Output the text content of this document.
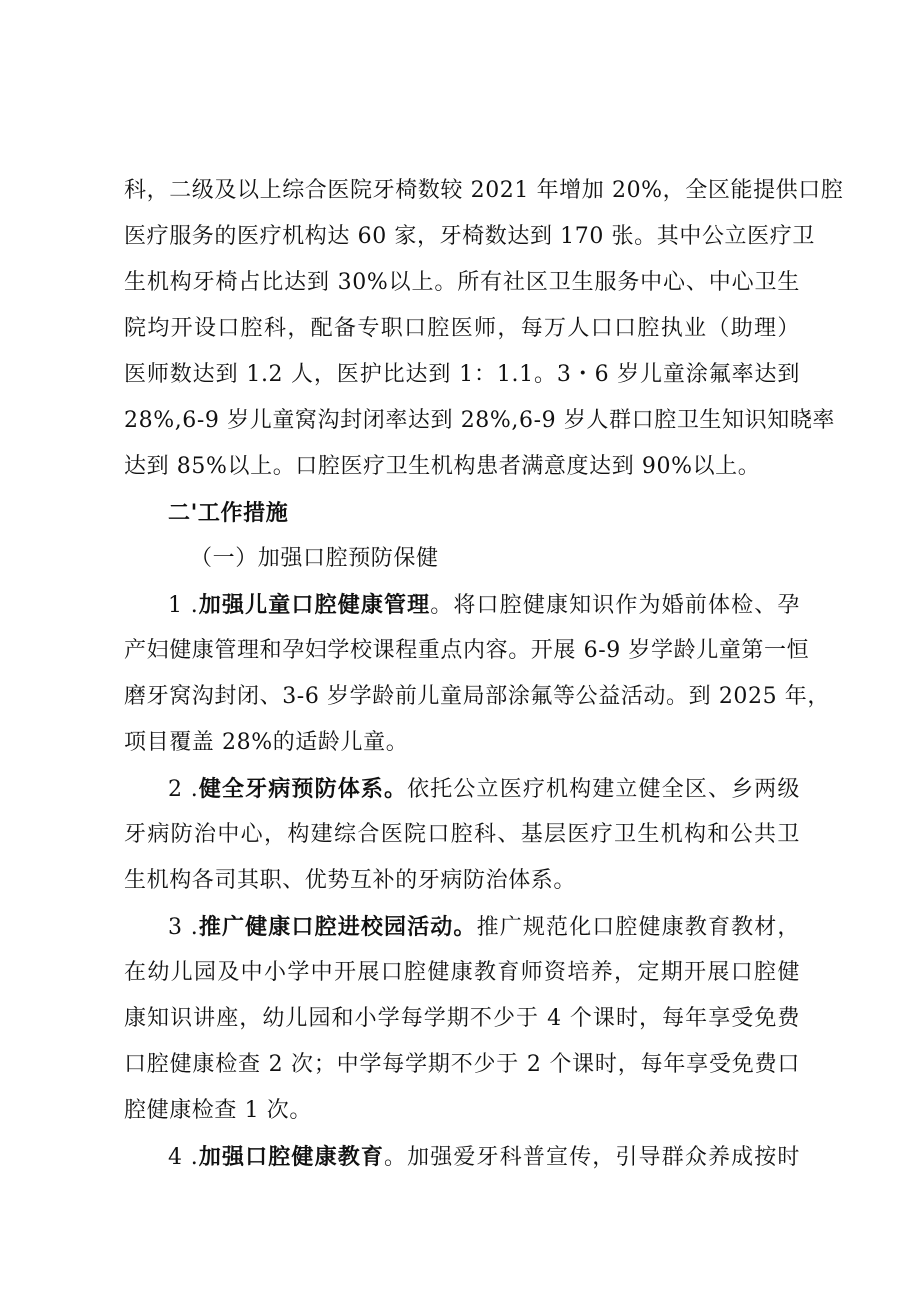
科，二级及以上综合医院牙椅数较 2021 年增加 20%，全区能提供口腔
医疗服务的医疗机构达 60 家，牙椅数达到 170 张。其中公立医疗卫
生机构牙椅占比达到 30%以上。所有社区卫生服务中心、中心卫生
院均开设口腔科，配备专职口腔医师，每万人口口腔执业（助理）
医师数达到 1.2 人，医护比达到 1：1.1。3・6 岁儿童涂氟率达到
28%,6-9 岁儿童窝沟封闭率达到 28%,6-9 岁人群口腔卫生知识知晓率
达到 85%以上。口腔医疗卫生机构患者满意度达到 90%以上。
二'工作措施
（一）加强口腔预防保健
1 .加强儿童口腔健康管理。将口腔健康知识作为婚前体检、孕
产妇健康管理和孕妇学校课程重点内容。开展 6-9 岁学龄儿童第一恒
磨牙窝沟封闭、3-6 岁学龄前儿童局部涂氟等公益活动。到 2025 年，
项目覆盖 28%的适龄儿童。
2 .健全牙病预防体系。依托公立医疗机构建立健全区、乡两级
牙病防治中心，构建综合医院口腔科、基层医疗卫生机构和公共卫
生机构各司其职、优势互补的牙病防治体系。
3 .推广健康口腔进校园活动。推广规范化口腔健康教育教材，
在幼儿园及中小学中开展口腔健康教育师资培养，定期开展口腔健
康知识讲座，幼儿园和小学每学期不少于 4 个课时，每年享受免费
口腔健康检查 2 次；中学每学期不少于 2 个课时，每年享受免费口
腔健康检查 1 次。
4 .加强口腔健康教育。加强爱牙科普宣传，引导群众养成按时
